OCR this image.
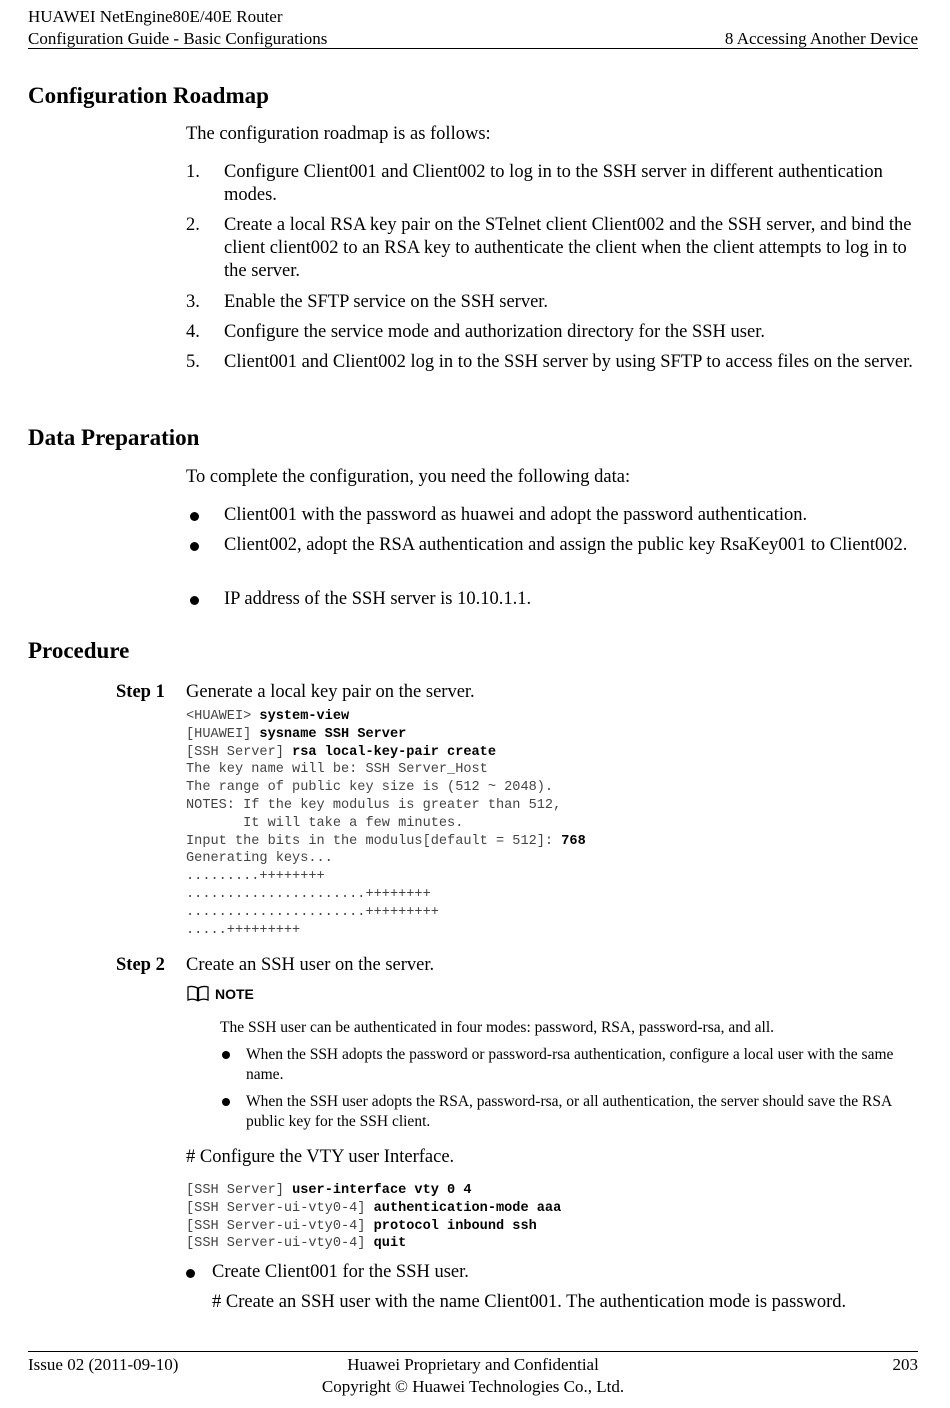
HUAWEI NetEngine80E/40E Router
Configuration Guide - Basic Configurations	8 Accessing Another Device
Configuration Roadmap

The configuration roadmap is as follows:

1. Configure Client001 and Client002 to log in to the SSH server in different authentication modes.
2. Create a local RSA key pair on the STelnet client Client002 and the SSH server, and bind the client client002 to an RSA key to authenticate the client when the client attempts to log in to the server.
3. Enable the SFTP service on the SSH server.
4. Configure the service mode and authorization directory for the SSH user.
5. Client001 and Client002 log in to the SSH server by using SFTP to access files on the server.
Data Preparation

To complete the configuration, you need the following data:

Client001 with the password as huawei and adopt the password authentication.
Client002, adopt the RSA authentication and assign the public key RsaKey001 to Client002.
IP address of the SSH server is 10.10.1.1.
Procedure
Step 1 Generate a local key pair on the server.

<HUAWEI> system-view
[HUAWEI] sysname SSH Server
[SSH Server] rsa local-key-pair create
The key name will be: SSH Server_Host
The range of public key size is (512 ~ 2048).
NOTES: If the key modulus is greater than 512,
It will take a few minutes.
Input the bits in the modulus[default = 512]: 768
Generating keys...
.........++++++++
......................++++++++
......................+++++++++
.....+++++++++
Step 2 Create an SSH user on the server.

NOTE
The SSH user can be authenticated in four modes: password, RSA, password-rsa, and all.
When the SSH adopts the password or password-rsa authentication, configure a local user with the same name.
When the SSH user adopts the RSA, password-rsa, or all authentication, the server should save the RSA public key for the SSH client.

# Configure the VTY user Interface.

[SSH Server] user-interface vty 0 4
[SSH Server-ui-vty0-4] authentication-mode aaa
[SSH Server-ui-vty0-4] protocol inbound ssh
[SSH Server-ui-vty0-4] quit
Create Client001 for the SSH user.

# Create an SSH user with the name Client001. The authentication mode is password.

Issue 02 (2011-09-10)	Huawei Proprietary and Confidential
Copyright © Huawei Technologies Co., Ltd.
203
